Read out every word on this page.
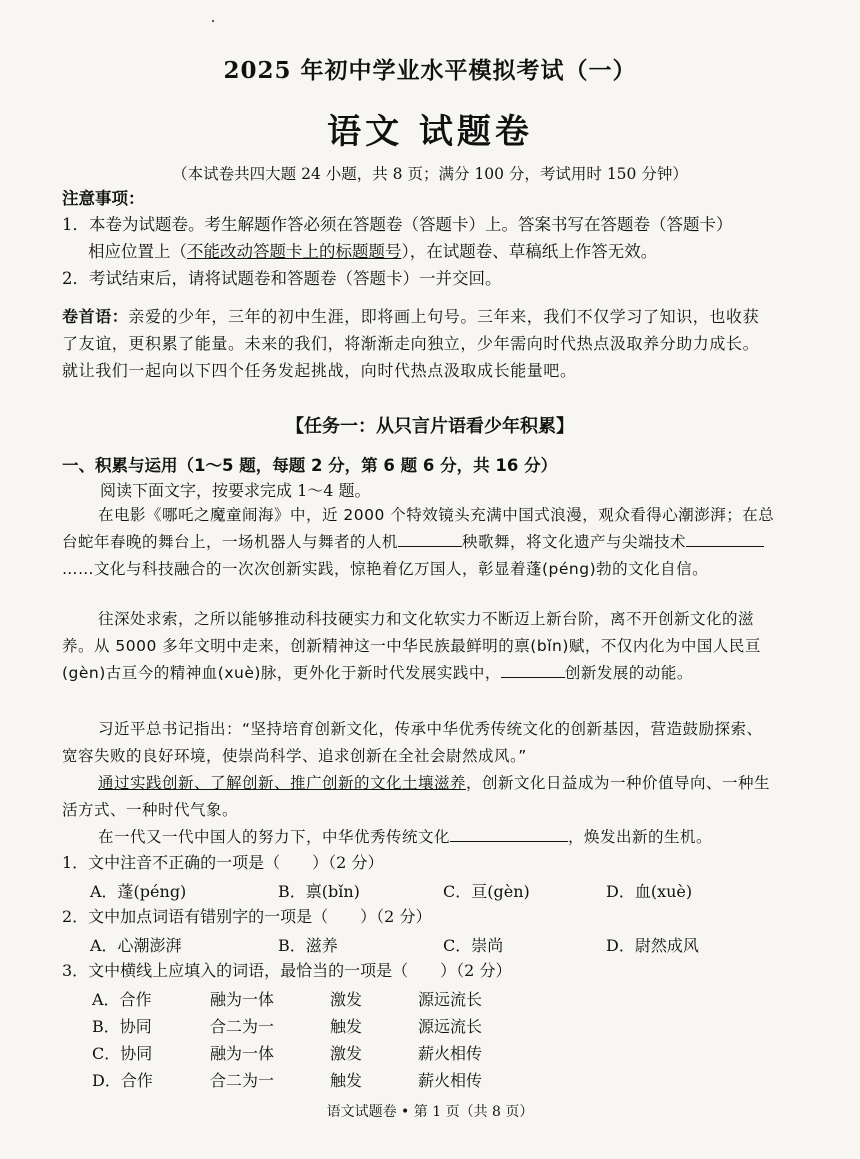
2025 年初中学业水平模拟考试（一）
语文 试题卷
（本试卷共四大题 24 小题，共 8 页；满分 100 分，考试用时 150 分钟）
注意事项：
1．本卷为试题卷。考生解题作答必须在答题卷（答题卡）上。答案书写在答题卷（答题卡）
相应位置上（不能改动答题卡上的标题题号），在试题卷、草稿纸上作答无效。
2．考试结束后，请将试题卷和答题卷（答题卡）一并交回。
卷首语：亲爱的少年，三年的初中生涯，即将画上句号。三年来，我们不仅学习了知识，也收获了友谊，更积累了能量。未来的我们，将渐渐走向独立，少年需向时代热点汲取养分助力成长。就让我们一起向以下四个任务发起挑战，向时代热点汲取成长能量吧。
【任务一：从只言片语看少年积累】
一、积累与运用（1～5 题，每题 2 分，第 6 题 6 分，共 16 分）
阅读下面文字，按要求完成 1～4 题。
在电影《哪吒之魔童闹海》中，近 2000 个特效镜头充满中国式浪漫，观众看得心潮澎湃；在总台蛇年春晚的舞台上，一场机器人与舞者的人机	秧歌舞，将文化遗产与尖端技术……文化与科技融合的一次次创新实践，惊艳着亿万国人，彰显着蓬(péng)勃的文化自信。
往深处求索，之所以能够推动科技硬实力和文化软实力不断迈上新台阶，离不开创新文化的滋养。从 5000 多年文明中走来，创新精神这一中华民族最鲜明的禀(bǐn)赋，不仅内化为中国人民亘(gèn)古亘今的精神血(xuè)脉，更外化于新时代发展实践中，	创新发展的动能。
习近平总书记指出：“坚持培育创新文化，传承中华优秀传统文化的创新基因，营造鼓励探索、宽容失败的良好环境，使崇尚科学、追求创新在全社会尉然成风。”
通过实践创新、了解创新、推广创新的文化土壤滋养，创新文化日益成为一种价值导向、一种生活方式、一种时代气象。
在一代又一代中国人的努力下，中华优秀传统文化	，焕发出新的生机。
1．文中注音不正确的一项是（　　）（2 分）
A．蓬(péng)	B．禀(bǐn)	C．亘(gèn)	D．血(xuè)
2．文中加点词语有错别字的一项是（　　）（2 分）
A．心潮澎湃	B．滋养	C．崇尚	D．尉然成风
3．文中横线上应填入的词语，最恰当的一项是（　　）（2 分）
A．合作	融为一体	激发	源远流长
B．协同	合二为一	触发	源远流长
C．协同	融为一体	激发	薪火相传
D．合作	合二为一	触发	薪火相传
语文试题卷 • 第 1 页（共 8 页）
